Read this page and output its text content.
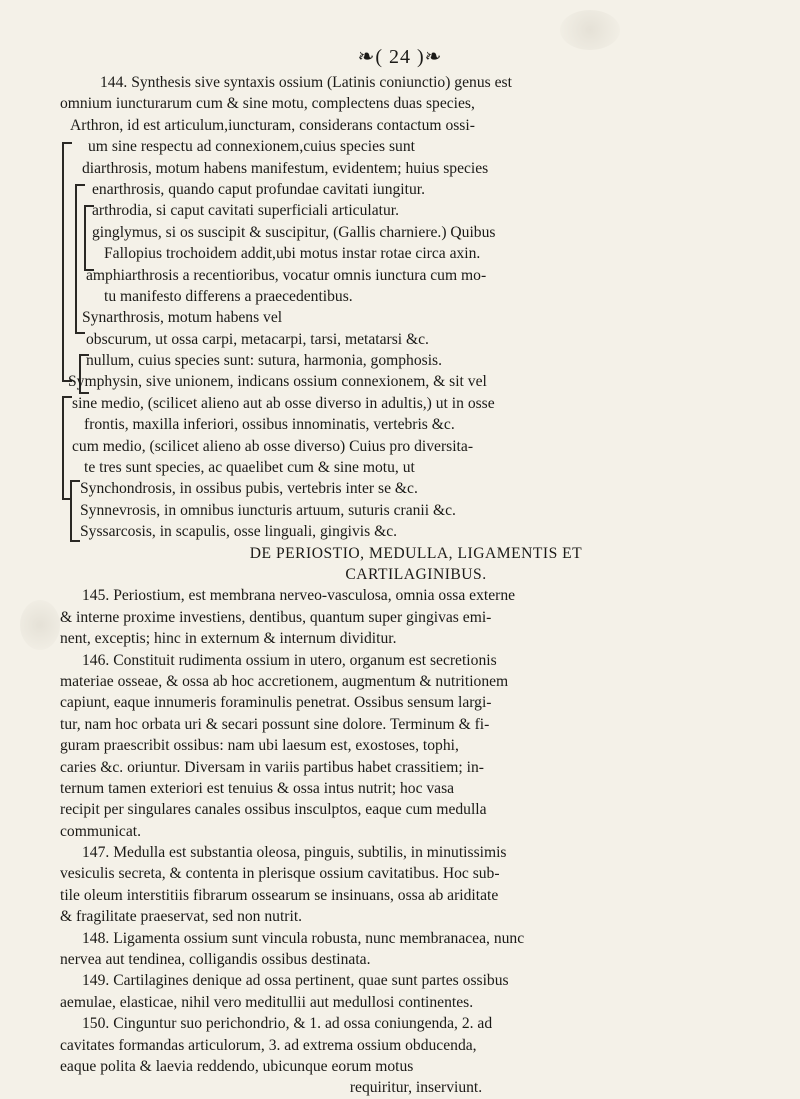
❧( 24 )❧
144. Synthesis sive syntaxis ossium (Latinis coniunctio) genus est
omnium iuncturarum cum & sine motu, complectens duas species,
Arthron, id est articulum,iuncturam, considerans contactum ossi-
um sine respectu ad connexionem,cuius species sunt
diarthrosis, motum habens manifestum, evidentem; huius species
enarthrosis, quando caput profundae cavitati iungitur.
arthrodia, si caput cavitati superficiali articulatur.
ginglymus, si os suscipit & suscipitur, (Gallis charniere.) Quibus
Fallopius trochoidem addit,ubi motus instar rotae circa axin.
amphiarthrosis a recentioribus, vocatur omnis iunctura cum mo-
tu manifesto differens a praecedentibus.
Synarthrosis, motum habens vel
obscurum, ut ossa carpi, metacarpi, tarsi, metatarsi &c.
nullum, cuius species sunt: sutura, harmonia, gomphosis.
Symphysin, sive unionem, indicans ossium connexionem, & sit vel
sine medio, (scilicet alieno aut ab osse diverso in adultis,) ut in osse
frontis, maxilla inferiori, ossibus innominatis, vertebris &c.
cum medio, (scilicet alieno ab osse diverso) Cuius pro diversita-
te tres sunt species, ac quaelibet cum & sine motu, ut
Synchondrosis, in ossibus pubis, vertebris inter se &c.
Synnevrosis, in omnibus iuncturis artuum, suturis cranii &c.
Syssarcosis, in scapulis, osse linguali, gingivis &c.
DE PERIOSTIO, MEDULLA, LIGAMENTIS ET
CARTILAGINIBUS.
145. Periostium, est membrana nerveo-vasculosa, omnia ossa externe
& interne proxime investiens, dentibus, quantum super gingivas emi-
nent, exceptis; hinc in externum & internum dividitur.
146. Constituit rudimenta ossium in utero, organum est secretionis
materiae osseae, & ossa ab hoc accretionem, augmentum & nutritionem
capiunt, eaque innumeris foraminulis penetrat. Ossibus sensum largi-
tur, nam hoc orbata uri & secari possunt sine dolore. Terminum & fi-
guram praescribit ossibus: nam ubi laesum est, exostoses, tophi,
caries &c. oriuntur. Diversam in variis partibus habet crassitiem; in-
ternum tamen exteriori est tenuius & ossa intus nutrit; hoc vasa
recipit per singulares canales ossibus insculptos, eaque cum medulla
communicat.
147. Medulla est substantia oleosa, pinguis, subtilis, in minutissimis
vesiculis secreta, & contenta in plerisque ossium cavitatibus. Hoc sub-
tile oleum interstitiis fibrarum ossearum se insinuans, ossa ab ariditate
& fragilitate praeservat, sed non nutrit.
148. Ligamenta ossium sunt vincula robusta, nunc membranacea, nunc
nervea aut tendinea, colligandis ossibus destinata.
149. Cartilagines denique ad ossa pertinent, quae sunt partes ossibus
aemulae, elasticae, nihil vero meditullii aut medullosi continentes.
150. Cinguntur suo perichondrio, & 1. ad ossa coniungenda, 2. ad
cavitates formandas articulorum, 3. ad extrema ossium obducenda,
eaque polita & laevia reddendo, ubicunque eorum motus
requiritur, inserviunt.
